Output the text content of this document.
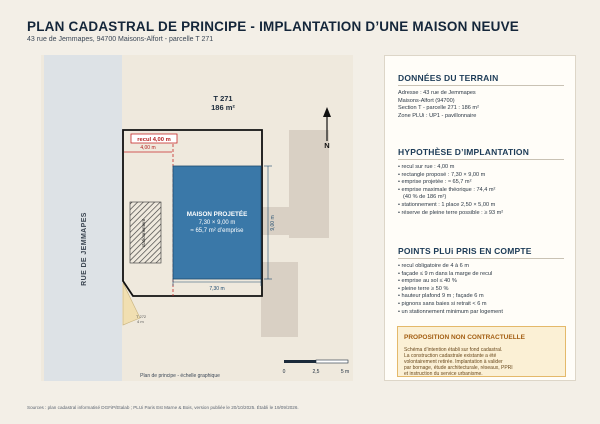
PLAN CADASTRAL DE PRINCIPE - IMPLANTATION D’UNE MAISON NEUVE
43 rue de Jemmapes, 94700 Maisons-Alfort - parcelle T 271
RUE DE JEMMAPES
T 272
4 m
T 271
186 m²
recul 4,00 m
4,00 m
stationnement
MAISON PROJETÉE
7,30 × 9,00 m
≈ 65,7 m² d’emprise
9,00 m
7,30 m
N
Plan de principe - échelle graphique
0	2,5	5 m
DONNÉES DU TERRAIN
Adresse : 43 rue de Jemmapes
Maisons-Alfort (94700)
Section T - parcelle 271 : 186 m²
Zone PLUi : UP1 - pavillonnaire
HYPOTHÈSE D’IMPLANTATION
• recul sur rue : 4,00 m
• rectangle proposé : 7,30 × 9,00 m
• emprise projetée : ≈ 65,7 m²
• emprise maximale théorique : 74,4 m²
(40 % de 186 m²)
• stationnement : 1 place 2,50 × 5,00 m
• réserve de pleine terre possible : ≥ 93 m²
POINTS PLUi PRIS EN COMPTE
• recul obligatoire de 4 à 6 m
• façade ≤ 9 m dans la marge de recul
• emprise au sol ≤ 40 %
• pleine terre ≥ 50 %
• hauteur plafond 9 m ; façade 6 m
• pignons sans baies si retrait < 6 m
• un stationnement minimum par logement
PROPOSITION NON CONTRACTUELLE
Schéma d’intention établi sur fond cadastral.
La construction cadastrale existante a été
volontairement retirée. Implantation à valider
par bornage, étude architecturale, réseaux, PPRI
et instruction du service urbanisme.
Sources : plan cadastral informatisé DGFiP/Etalab ; PLUi Paris Est Marne & Bois, version publiée le 20/10/2025. Établi le 19/09/2026.
